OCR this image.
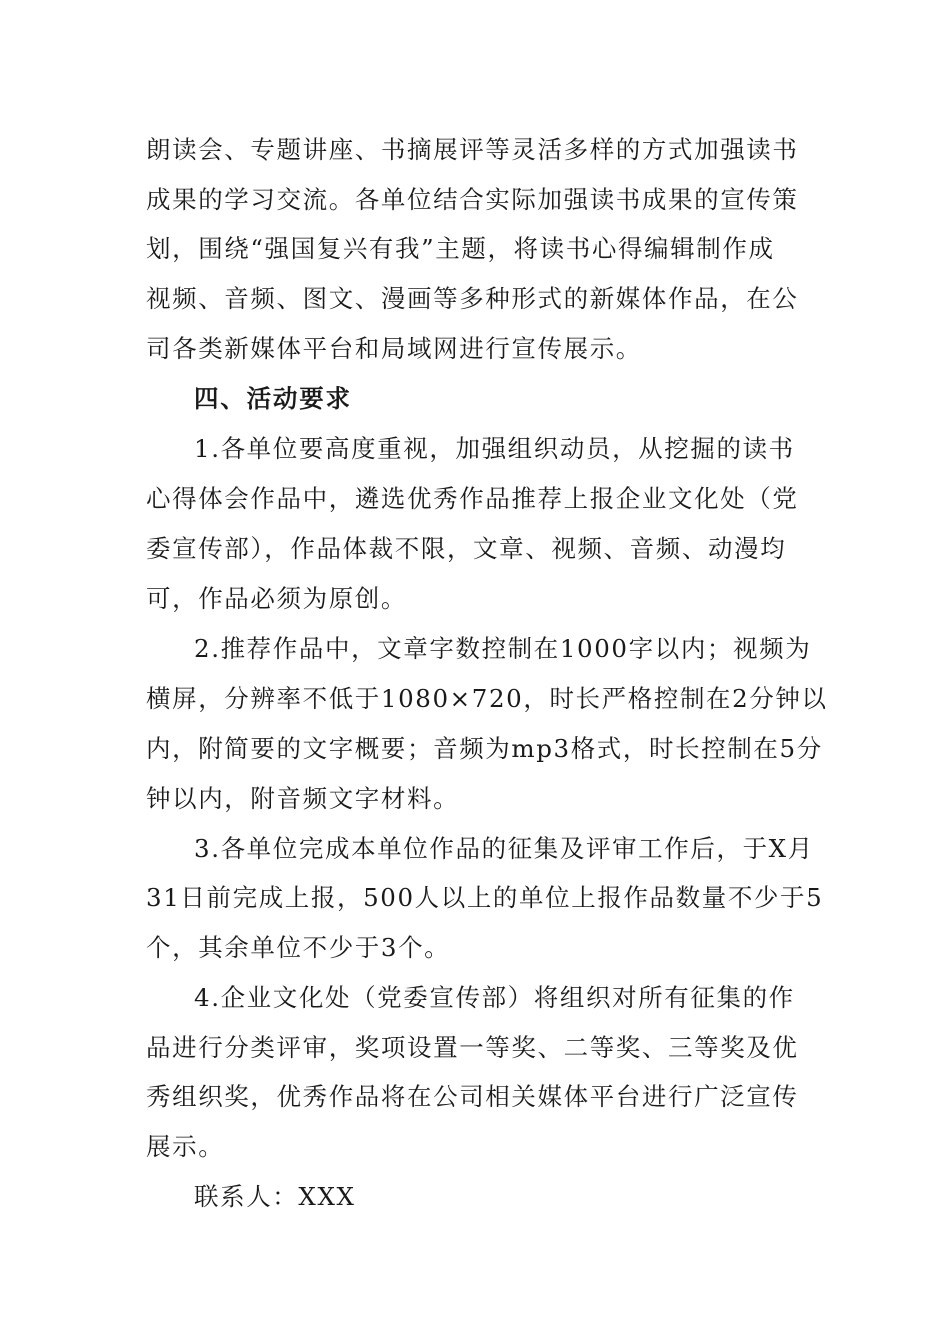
朗读会、专题讲座、书摘展评等灵活多样的方式加强读书
成果的学习交流。各单位结合实际加强读书成果的宣传策
划，围绕“强国复兴有我”主题，将读书心得编辑制作成
视频、音频、图文、漫画等多种形式的新媒体作品，在公
司各类新媒体平台和局域网进行宣传展示。
四、活动要求
1.各单位要高度重视，加强组织动员，从挖掘的读书
心得体会作品中，遴选优秀作品推荐上报企业文化处（党
委宣传部），作品体裁不限，文章、视频、音频、动漫均
可，作品必须为原创。
2.推荐作品中，文章字数控制在1000字以内；视频为
横屏，分辨率不低于1080×720，时长严格控制在2分钟以
内，附简要的文字概要；音频为mp3格式，时长控制在5分
钟以内，附音频文字材料。
3.各单位完成本单位作品的征集及评审工作后，于X月
31日前完成上报，500人以上的单位上报作品数量不少于5
个，其余单位不少于3个。
4.企业文化处（党委宣传部）将组织对所有征集的作
品进行分类评审，奖项设置一等奖、二等奖、三等奖及优
秀组织奖，优秀作品将在公司相关媒体平台进行广泛宣传
展示。
联系人：XXX
